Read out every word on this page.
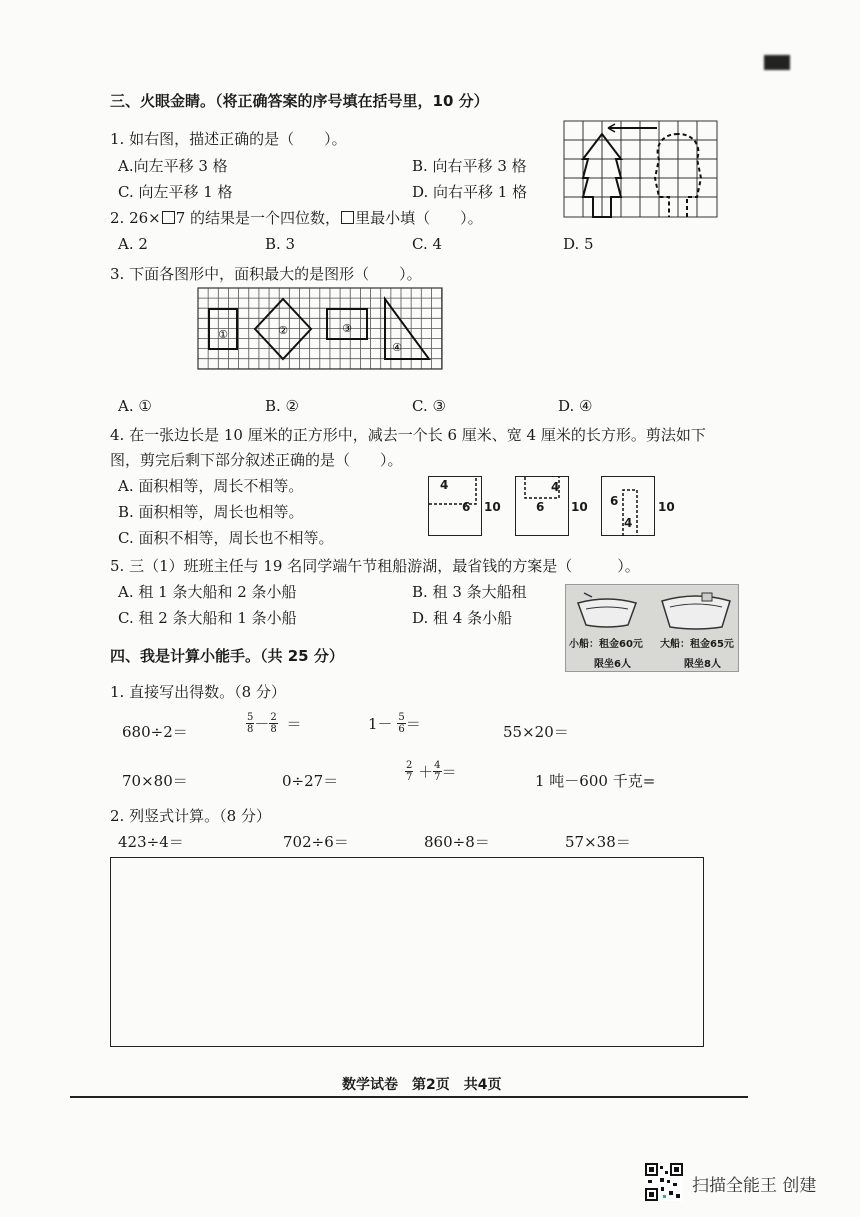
三、火眼金睛。（将正确答案的序号填在括号里，10 分）
1. 如右图，描述正确的是（　　）。
A.向左平移 3 格	B. 向右平移 3 格
C. 向左平移 1 格	D. 向右平移 1 格
2. 26× 7 的结果是一个四位数， 里最小填（　　）。
A. 2	B. 3	C. 4	D. 5
3. 下面各图形中，面积最大的是图形（　　）。
①	②	③
④
A. ①	B. ②	C. ③	D. ④
4. 在一张边长是 10 厘米的正方形中，减去一个长 6 厘米、宽 4 厘米的长方形。剪法如下
图，剪完后剩下部分叙述正确的是（　　）。
A. 面积相等，周长不相等。
B. 面积相等，周长也相等。
C. 面积不相等，周长也不相等。
4
6 10
4
6 10 6
4
10
5. 三（1）班班主任与 19 名同学端午节租船游湖，最省钱的方案是（　　　）。
A. 租 1 条大船和 2 条小船	B. 租 3 条大船租
C. 租 2 条大船和 1 条小船	D. 租 4 条小船
小船：租金60元 大船：租金65元
限坐6人	限坐8人
四、我是计算小能手。（共 25 分）
1. 直接写出得数。（8 分）
680÷2＝	$\frac{5}{8} - \frac{2}{8}$ ＝	$1- \frac{5}{6}$ ＝	55×20＝
70×80＝	0÷27＝	$\frac{2}{7} + \frac{4}{7}$ ＝	1 吨－600 千克=
2. 列竖式计算。（8 分）
423÷4＝	702÷6＝	860÷8＝	57×38＝
数学试卷　第2页　共4页
扫描全能王 创建
